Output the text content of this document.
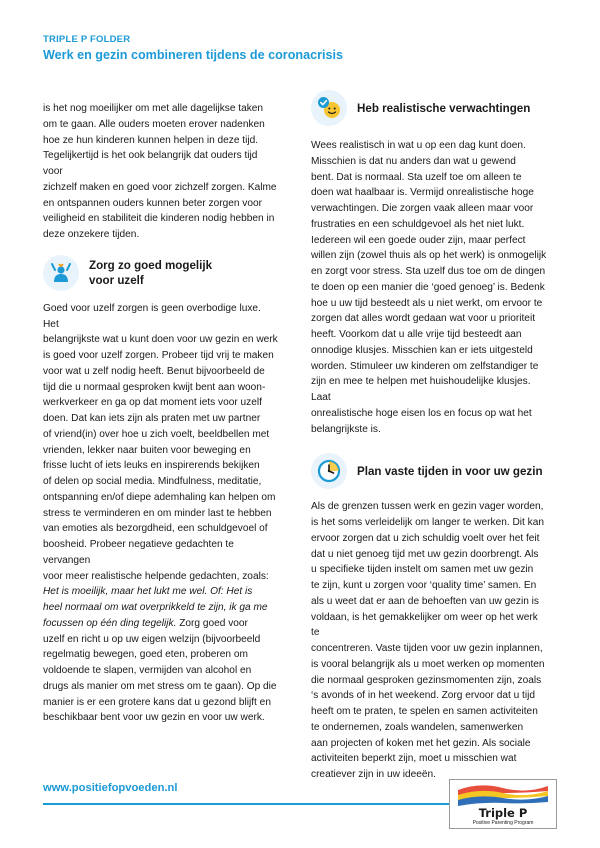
TRIPLE P FOLDER
Werk en gezin combineren tijdens de coronacrisis

is het nog moeilijker om met alle dagelijkse taken
om te gaan. Alle ouders moeten erover nadenken
hoe ze hun kinderen kunnen helpen in deze tijd.
Tegelijkertijd is het ook belangrijk dat ouders tijd voor
zichzelf maken en goed voor zichzelf zorgen. Kalme
en ontspannen ouders kunnen beter zorgen voor
veiligheid en stabiliteit die kinderen nodig hebben in
deze onzekere tijden.

Zorg zo goed mogelijk
voor uzelf

Goed voor uzelf zorgen is geen overbodige luxe. Het
belangrijkste wat u kunt doen voor uw gezin en werk
is goed voor uzelf zorgen. Probeer tijd vrij te maken
voor wat u zelf nodig heeft. Benut bijvoorbeeld de
tijd die u normaal gesproken kwijt bent aan woon-
werkverkeer en ga op dat moment iets voor uzelf
doen. Dat kan iets zijn als praten met uw partner
of vriend(in) over hoe u zich voelt, beeldbellen met
vrienden, lekker naar buiten voor beweging en
frisse lucht of iets leuks en inspirerends bekijken
of delen op social media. Mindfulness, meditatie,
ontspanning en/of diepe ademhaling kan helpen om
stress te verminderen en om minder last te hebben
van emoties als bezorgdheid, een schuldgevoel of
boosheid. Probeer negatieve gedachten te vervangen
voor meer realistische helpende gedachten, zoals:
Het is moeilijk, maar het lukt me wel. Of: Het is
heel normaal om wat overprikkeld te zijn, ik ga me
focussen op één ding tegelijk. Zorg goed voor
uzelf en richt u op uw eigen welzijn (bijvoorbeeld
regelmatig bewegen, goed eten, proberen om
voldoende te slapen, vermijden van alcohol en
drugs als manier om met stress om te gaan). Op die
manier is er een grotere kans dat u gezond blijft en
beschikbaar bent voor uw gezin en voor uw werk.

Heb realistische verwachtingen

Wees realistisch in wat u op een dag kunt doen.
Misschien is dat nu anders dan wat u gewend
bent. Dat is normaal. Sta uzelf toe om alleen te
doen wat haalbaar is. Vermijd onrealistische hoge
verwachtingen. Die zorgen vaak alleen maar voor
frustraties en een schuldgevoel als het niet lukt.
Iedereen wil een goede ouder zijn, maar perfect
willen zijn (zowel thuis als op het werk) is onmogelijk
en zorgt voor stress. Sta uzelf dus toe om de dingen
te doen op een manier die ‘goed genoeg’ is. Bedenk
hoe u uw tijd besteedt als u niet werkt, om ervoor te
zorgen dat alles wordt gedaan wat voor u prioriteit
heeft. Voorkom dat u alle vrije tijd besteedt aan
onnodige klusjes. Misschien kan er iets uitgesteld
worden. Stimuleer uw kinderen om zelfstandiger te
zijn en mee te helpen met huishoudelijke klusjes. Laat
onrealistische hoge eisen los en focus op wat het
belangrijkste is.

Plan vaste tijden in voor uw gezin

Als de grenzen tussen werk en gezin vager worden,
is het soms verleidelijk om langer te werken. Dit kan
ervoor zorgen dat u zich schuldig voelt over het feit
dat u niet genoeg tijd met uw gezin doorbrengt. Als
u specifieke tijden instelt om samen met uw gezin
te zijn, kunt u zorgen voor ‘quality time’ samen. En
als u weet dat er aan de behoeften van uw gezin is
voldaan, is het gemakkelijker om weer op het werk te
concentreren. Vaste tijden voor uw gezin inplannen,
is vooral belangrijk als u moet werken op momenten
die normaal gesproken gezinsmomenten zijn, zoals
‘s avonds of in het weekend. Zorg ervoor dat u tijd
heeft om te praten, te spelen en samen activiteiten
te ondernemen, zoals wandelen, samenwerken
aan projecten of koken met het gezin. Als sociale
activiteiten beperkt zijn, moet u misschien wat
creatiever zijn in uw ideeën.

www.positiefopvoeden.nl
Triple P
Positive Parenting Program
